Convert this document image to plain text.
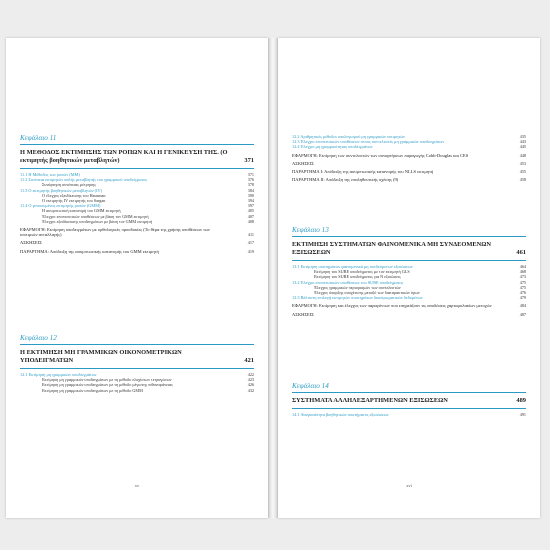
Κεφάλαιο 11
Η ΜΕΘΟΔΟΣ ΕΚΤΙΜΗΣΗΣ ΤΩΝ ΡΟΠΩΝ ΚΑΙ Η ΓΕΝΙΚΕΥΣΗ ΤΗΣ. (Ο εκτιμητής βοηθητικών μεταβλητών)	371
11.1 Η Μέθοδος των ροπών (ΜΜ)	371
11.2 Συνέπεια εκτιμητών απλής μεταβλητής του γραμμικού υποδείγματος	376
Συνάρτηση συνέπειας μέτρησης	378
11.3 Ο εκτιμητής βοηθητικών μεταβλητών (IV)	384
Ο έλεγχος εξειδίκευσης του Hausman	390
Ο εκτιμητής IV εκτιμητής του Sargan	394
11.4 Ο γενικευμένος εκτιμητής ροπών (GMM)	397
Η ασυμπτωτική κατανομή του GMM εκτιμητή	405
Έλεγχοι εποπτευτικών υποθέσεων με βάση τον GMM εκτιμητή	407
Έλεγχοι εξειδίκευσης υποδειγμάτων με βάση τον GMM εκτιμητή	408
ΕΦΑΡΜΟΓΗ: Εκτίμηση υποδειγμάτων με ορθολογικές προσδοκίες (Το θέμα της χρήσης υποθέσεων των ισοτιμιών ανταλλαγής)	411
ΑΣΚΗΣΕΙΣ	417
ΠΑΡΑΡΤΗΜΑ: Απόδειξη της ασυμπτωτικής κατανομής του GMM εκτιμητή	419
Κεφάλαιο 12
Η ΕΚΤΙΜΗΣΗ ΜΗ ΓΡΑΜΜΙΚΩΝ ΟΙΚΟΝΟΜΕΤΡΙΚΩΝ ΥΠΟΔΕΙΓΜΑΤΩΝ	421
12.1 Εκτίμηση μη γραμμικών υποδειγμάτων	422
Εκτίμηση μη γραμμικών υποδειγμάτων με τη μέθοδο ελαχίστων τετραγώνων	423
Εκτίμηση μη γραμμικών υποδειγμάτων με τη μέθοδο μέγιστης πιθανοφάνειας	426
Εκτίμηση μη γραμμικών υποδειγμάτων με τη μέθοδο GMM	432
xv
12.2 Αριθμητικές μέθοδοι υπολογισμού μη γραμμικών εκτιμητών	435
12.3 Έλεγχοι εποπτευτικών υποθέσεων στους συντελεστές μη γραμμικών υποδειγμάτων	443
12.4 Έλεγχοι μη γραμμικότητας υποδειγμάτων	445
ΕΦΑΡΜΟΓΗ: Εκτίμηση των συντελεστών των συναρτήσεων παραγωγής Cobb-Douglas και CES	448
ΑΣΚΗΣΕΙΣ	453
ΠΑΡΑΡΤΗΜΑ Ι: Απόδειξη της ασυμπτωτικής κατανομής του NLLS εκτιμητή	455
ΠΑΡΑΡΤΗΜΑ ΙΙ: Απόδειξη της επαληθευτικής σχέσης (9)	458
Κεφάλαιο 13
ΕΚΤΙΜΗΣΗ ΣΥΣΤΗΜΑΤΩΝ ΦΑΙΝΟΜΕΝΙΚΑ ΜΗ ΣΥΝΔΕΟΜΕΝΩΝ ΕΞΙΣΩΣΕΩΝ	461
13.1 Εκτίμηση συστημάτων φαινομενικά μη συνδεόμενων εξισώσεων	464
Εκτίμηση του SURE υποδείγματος με τον εκτιμητή GLS	468
Εκτίμηση του SURE υποδείγματος για Ν εξισώσεις	473
13.2 Έλεγχοι εποπτευτικών υποθέσεων του SURE υποδείγματος	475
Έλεγχος γραμμικών περιορισμών των συντελεστών	475
Έλεγχος ύπαρξης συσχέτισης μεταξύ των διαταρακτικών όρων	476
13.3 Βέλτιστη επιλογή εκτιμητών συστημάτων διαστρωματικών δεδομένων	479
ΕΦΑΡΜΟΓΗ: Εκτίμηση και έλεγχος των παραγόντων που επηρεάζουν τις αποδόσεις χαρτοφυλακίων μετοχών	484
ΑΣΚΗΣΕΙΣ	487
Κεφάλαιο 14
ΣΥΣΤΗΜΑΤΑ ΑΛΛΗΛΕΞΑΡΤΗΜΕΝΩΝ ΕΞΙΣΩΣΕΩΝ	489
14.1 Αναγκαιότητα βοηθητικών συστήματος εξισώσεων	491
xvi
